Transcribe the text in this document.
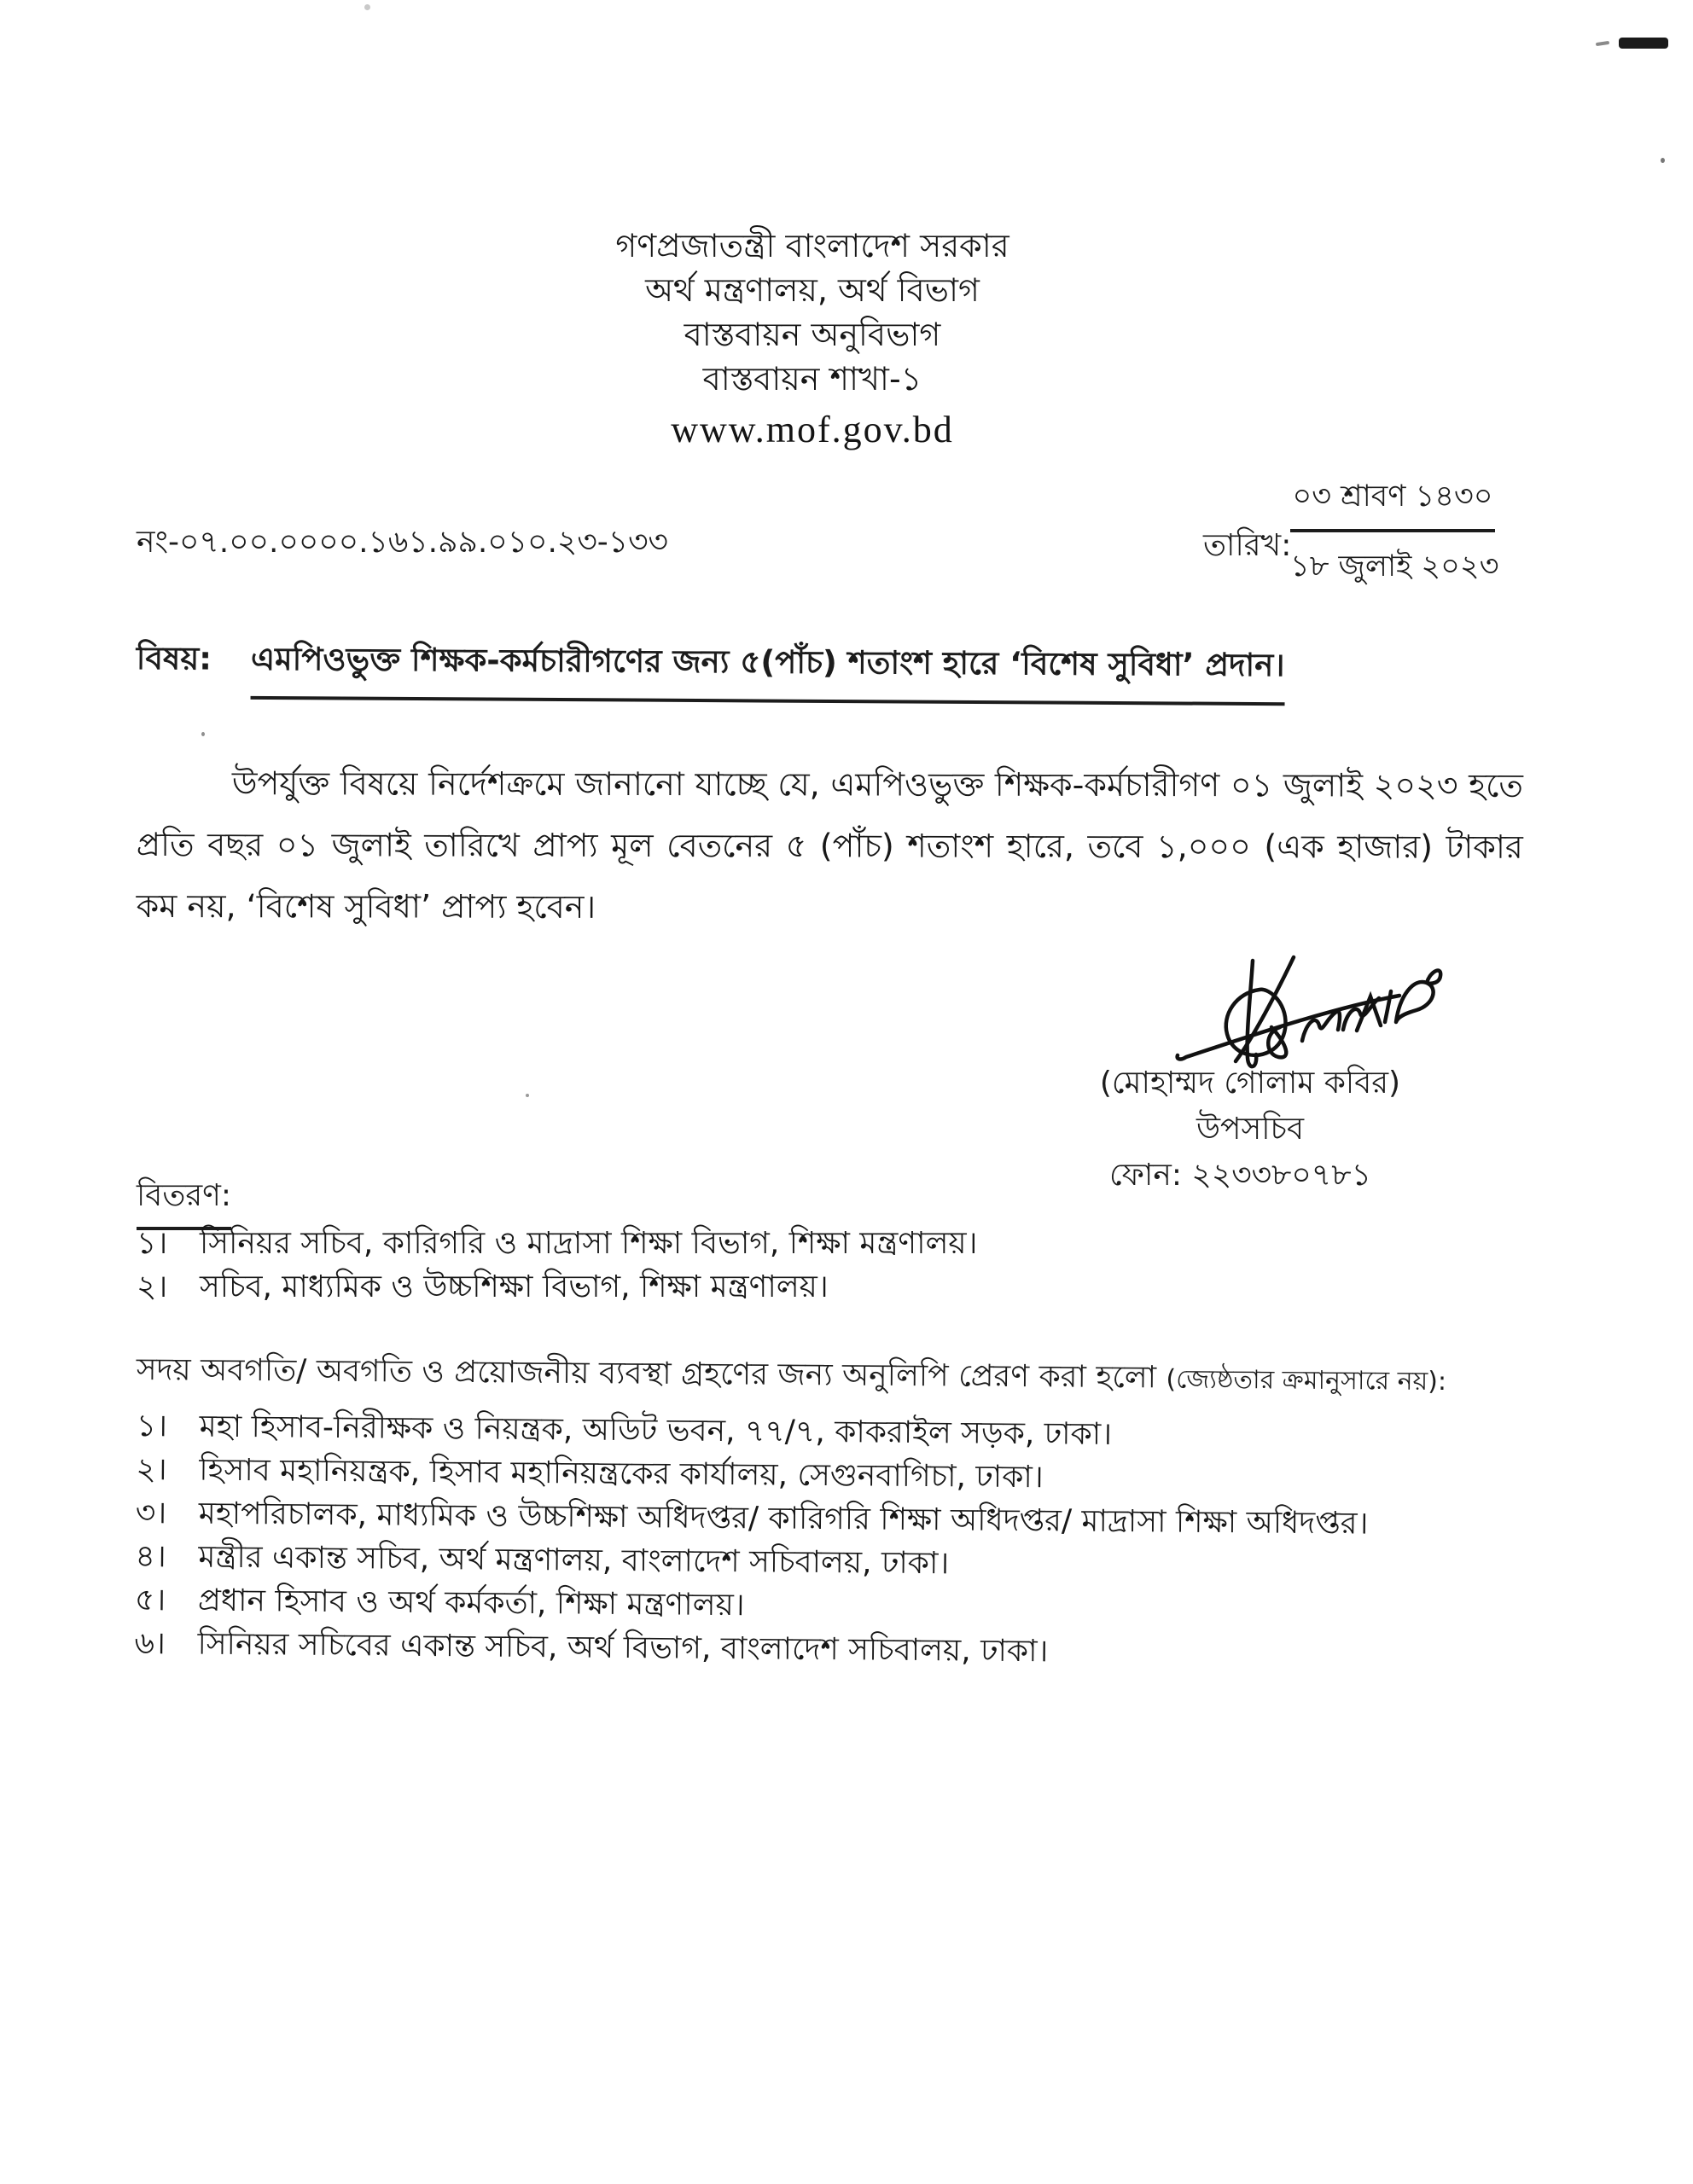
গণপ্রজাতন্ত্রী বাংলাদেশ সরকার
অর্থ মন্ত্রণালয়, অর্থ বিভাগ
বাস্তবায়ন অনুবিভাগ
বাস্তবায়ন শাখা-১
www.mof.gov.bd
নং-০৭.০০.০০০০.১৬১.৯৯.০১০.২৩-১৩৩	তারিখ:
০৩ শ্রাবণ ১৪৩০
১৮ জুলাই ২০২৩
বিষয়: এমপিওভুক্ত শিক্ষক-কর্মচারীগণের জন্য ৫(পাঁচ) শতাংশ হারে ‘বিশেষ সুবিধা’ প্রদান।
উপর্যুক্ত বিষয়ে নির্দেশক্রমে জানানো যাচ্ছে যে, এমপিওভুক্ত শিক্ষক-কর্মচারীগণ ০১ জুলাই ২০২৩ হতে প্রতি বছর ০১ জুলাই তারিখে প্রাপ্য মূল বেতনের ৫ (পাঁচ) শতাংশ হারে, তবে ১,০০০ (এক হাজার) টাকার কম নয়, ‘বিশেষ সুবিধা’ প্রাপ্য হবেন।
(মোহাম্মদ গোলাম কবির)
উপসচিব
ফোন: ২২৩৩৮০৭৮১
বিতরণ:
১।	সিনিয়র সচিব, কারিগরি ও মাদ্রাসা শিক্ষা বিভাগ, শিক্ষা মন্ত্রণালয়।
২।	সচিব, মাধ্যমিক ও উচ্চশিক্ষা বিভাগ, শিক্ষা মন্ত্রণালয়।
সদয় অবগতি/ অবগতি ও প্রয়োজনীয় ব্যবস্থা গ্রহণের জন্য অনুলিপি প্রেরণ করা হলো (জ্যেষ্ঠতার ক্রমানুসারে নয়):
১।	মহা হিসাব-নিরীক্ষক ও নিয়ন্ত্রক, অডিট ভবন, ৭৭/৭, কাকরাইল সড়ক, ঢাকা।
২।	হিসাব মহানিয়ন্ত্রক, হিসাব মহানিয়ন্ত্রকের কার্যালয়, সেগুনবাগিচা, ঢাকা।
৩।	মহাপরিচালক, মাধ্যমিক ও উচ্চশিক্ষা অধিদপ্তর/ কারিগরি শিক্ষা অধিদপ্তর/ মাদ্রাসা শিক্ষা অধিদপ্তর।
৪।	মন্ত্রীর একান্ত সচিব, অর্থ মন্ত্রণালয়, বাংলাদেশ সচিবালয়, ঢাকা।
৫।	প্রধান হিসাব ও অর্থ কর্মকর্তা, শিক্ষা মন্ত্রণালয়।
৬।	সিনিয়র সচিবের একান্ত সচিব, অর্থ বিভাগ, বাংলাদেশ সচিবালয়, ঢাকা।
